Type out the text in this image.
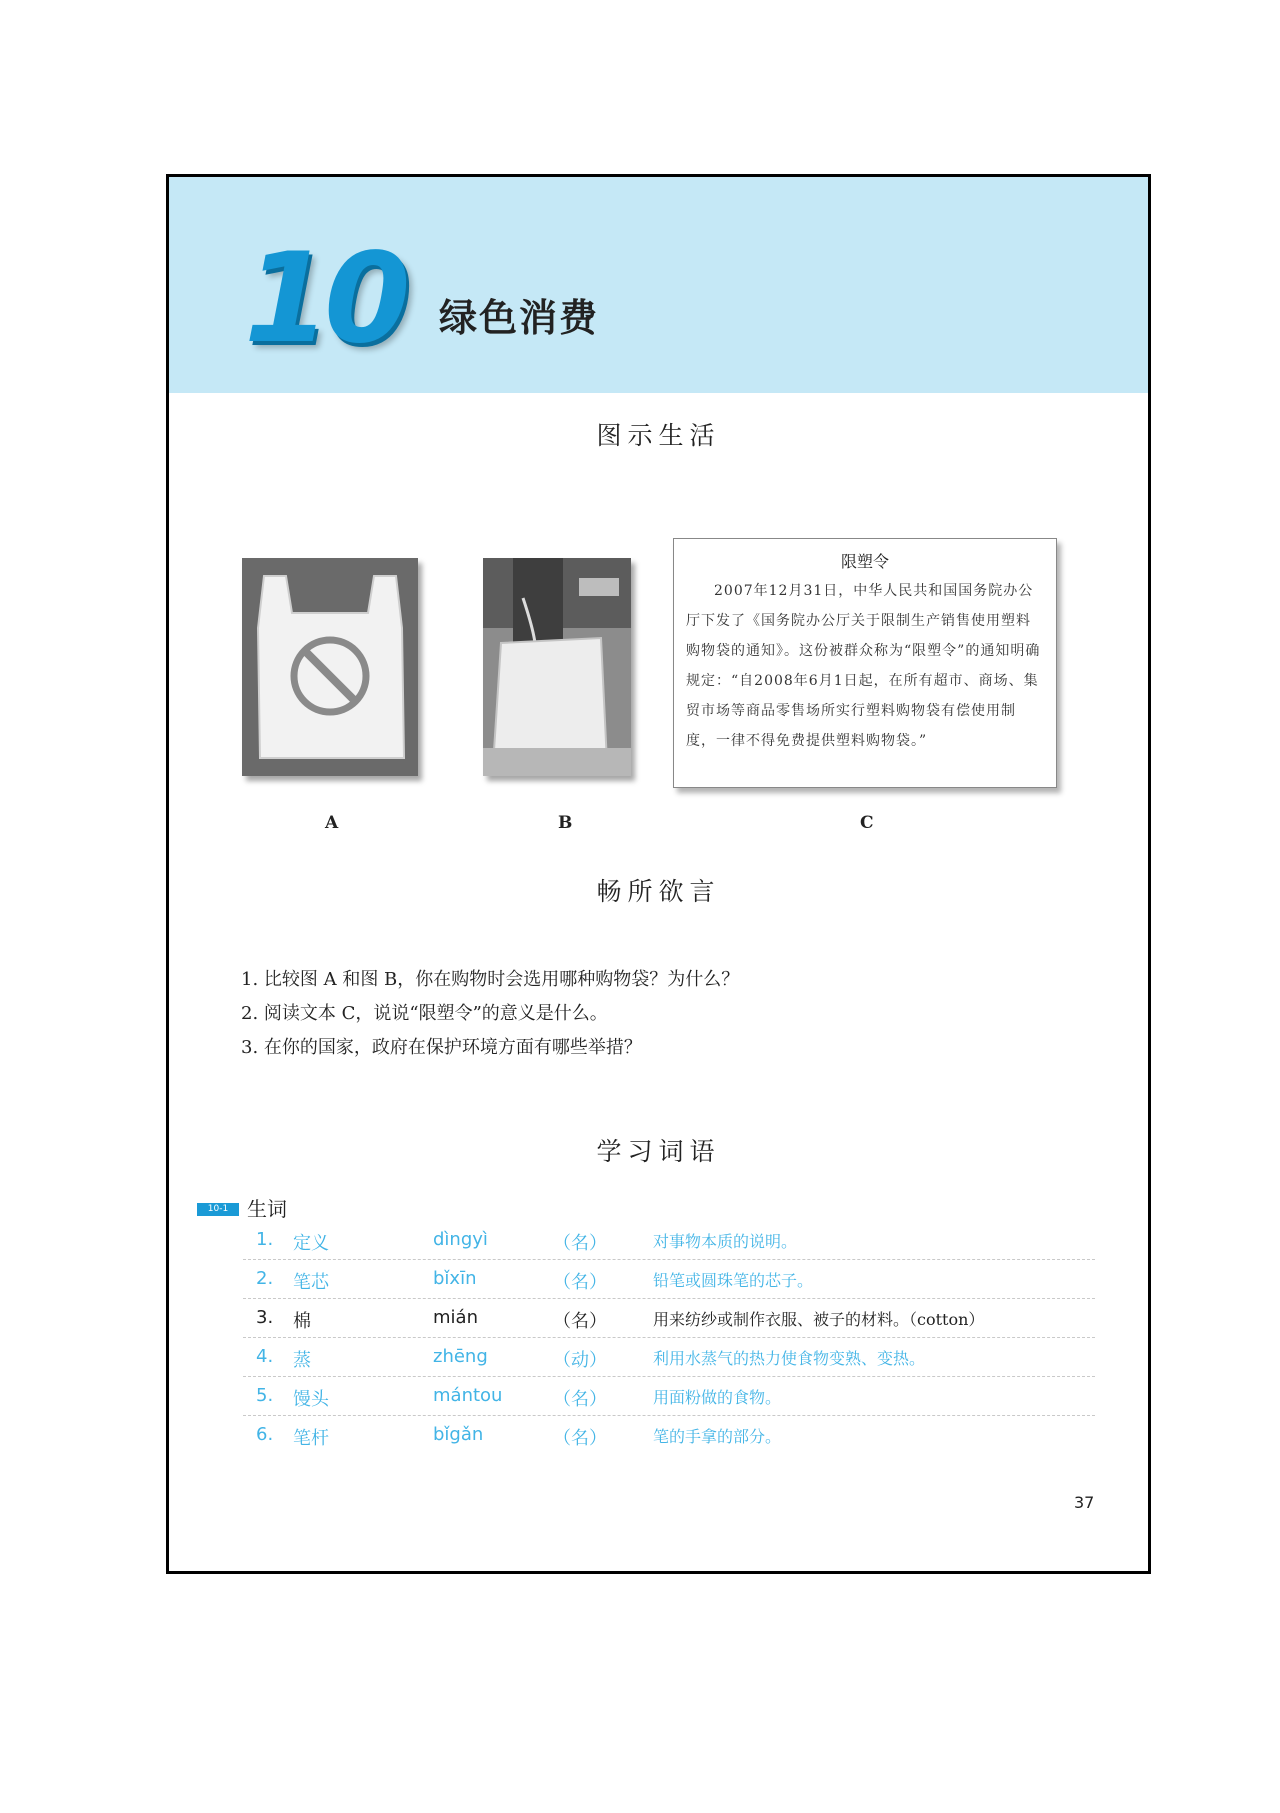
10 绿色消费
图示生活
限塑令
2007年12月31日，中华人民共和国国务院办公厅下发了《国务院办公厅关于限制生产销售使用塑料购物袋的通知》。这份被群众称为“限塑令”的通知明确规定：“自2008年6月1日起，在所有超市、商场、集贸市场等商品零售场所实行塑料购物袋有偿使用制度，一律不得免费提供塑料购物袋。”
A	B	C
畅所欲言
1. 比较图 A 和图 B，你在购物时会选用哪种购物袋？为什么？
2. 阅读文本 C，说说“限塑令”的意义是什么。
3. 在你的国家，政府在保护环境方面有哪些举措？
学习词语
10-1 生词
1. 定义	dìngyì	（名）	对事物本质的说明。
2. 笔芯	bǐxīn	（名）	铅笔或圆珠笔的芯子。
3. 棉	mián	（名）	用来纺纱或制作衣服、被子的材料。（cotton）
4. 蒸	zhēng	（动）	利用水蒸气的热力使食物变熟、变热。
5. 馒头	mántou	（名）	用面粉做的食物。
6. 笔杆	bǐgǎn	（名）	笔的手拿的部分。
37
